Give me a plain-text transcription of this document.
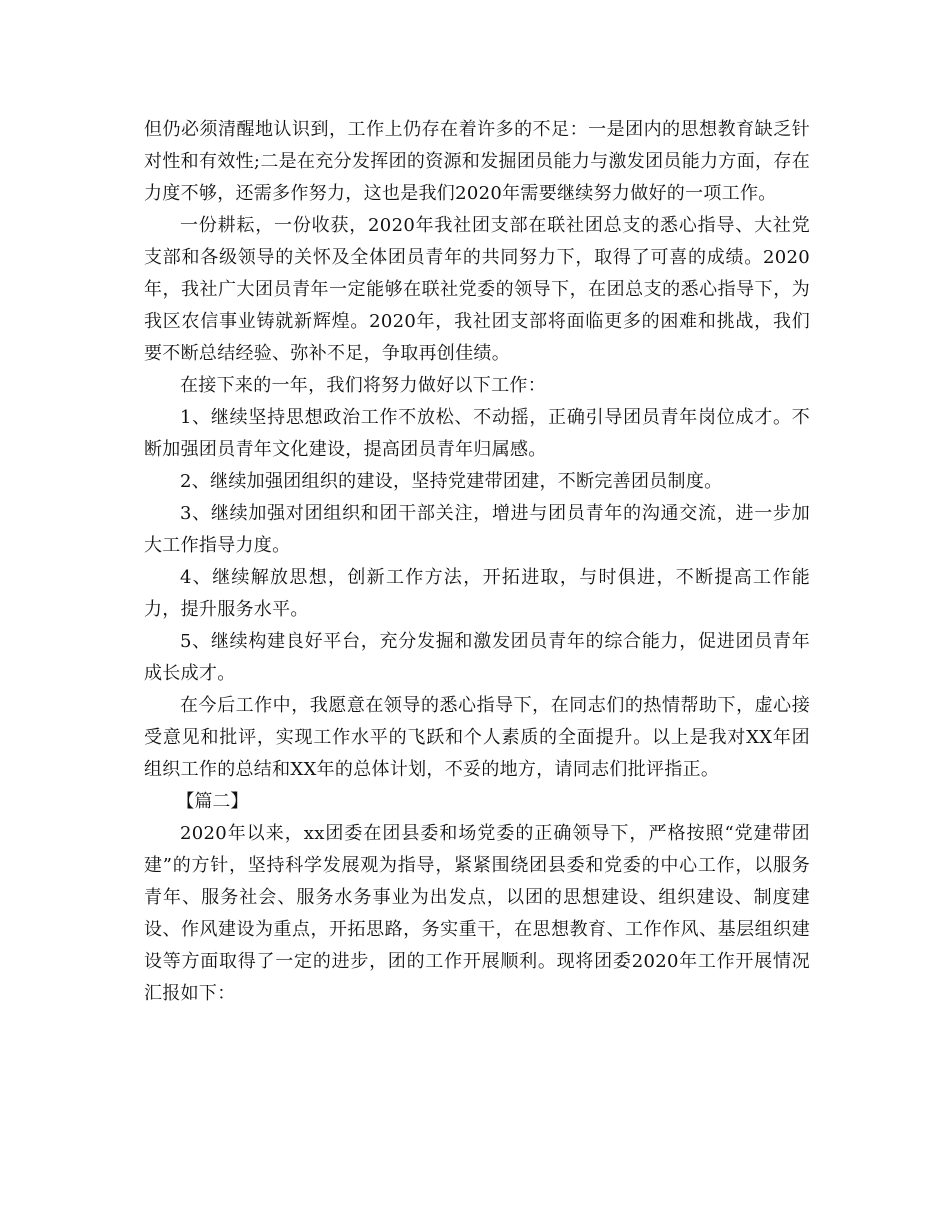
但仍必须清醒地认识到，工作上仍存在着许多的不足：一是团内的思想教育缺乏针对性和有效性;二是在充分发挥团的资源和发掘团员能力与激发团员能力方面，存在力度不够，还需多作努力，这也是我们2020年需要继续努力做好的一项工作。

一份耕耘，一份收获，2020年我社团支部在联社团总支的悉心指导、大社党支部和各级领导的关怀及全体团员青年的共同努力下，取得了可喜的成绩。2020年，我社广大团员青年一定能够在联社党委的领导下，在团总支的悉心指导下，为我区农信事业铸就新辉煌。2020年，我社团支部将面临更多的困难和挑战，我们要不断总结经验、弥补不足，争取再创佳绩。

在接下来的一年，我们将努力做好以下工作：

1、继续坚持思想政治工作不放松、不动摇，正确引导团员青年岗位成才。不断加强团员青年文化建设，提高团员青年归属感。

2、继续加强团组织的建设，坚持党建带团建，不断完善团员制度。

3、继续加强对团组织和团干部关注，增进与团员青年的沟通交流，进一步加大工作指导力度。

4、继续解放思想，创新工作方法，开拓进取，与时俱进，不断提高工作能力，提升服务水平。

5、继续构建良好平台，充分发掘和激发团员青年的综合能力，促进团员青年成长成才。

在今后工作中，我愿意在领导的悉心指导下，在同志们的热情帮助下，虚心接受意见和批评，实现工作水平的飞跃和个人素质的全面提升。以上是我对XX年团组织工作的总结和XX年的总体计划，不妥的地方，请同志们批评指正。

【篇二】

2020年以来，xx团委在团县委和场党委的正确领导下，严格按照“党建带团建”的方针，坚持科学发展观为指导，紧紧围绕团县委和党委的中心工作，以服务青年、服务社会、服务水务事业为出发点，以团的思想建设、组织建设、制度建设、作风建设为重点，开拓思路，务实重干，在思想教育、工作作风、基层组织建设等方面取得了一定的进步，团的工作开展顺利。现将团委2020年工作开展情况汇报如下：
